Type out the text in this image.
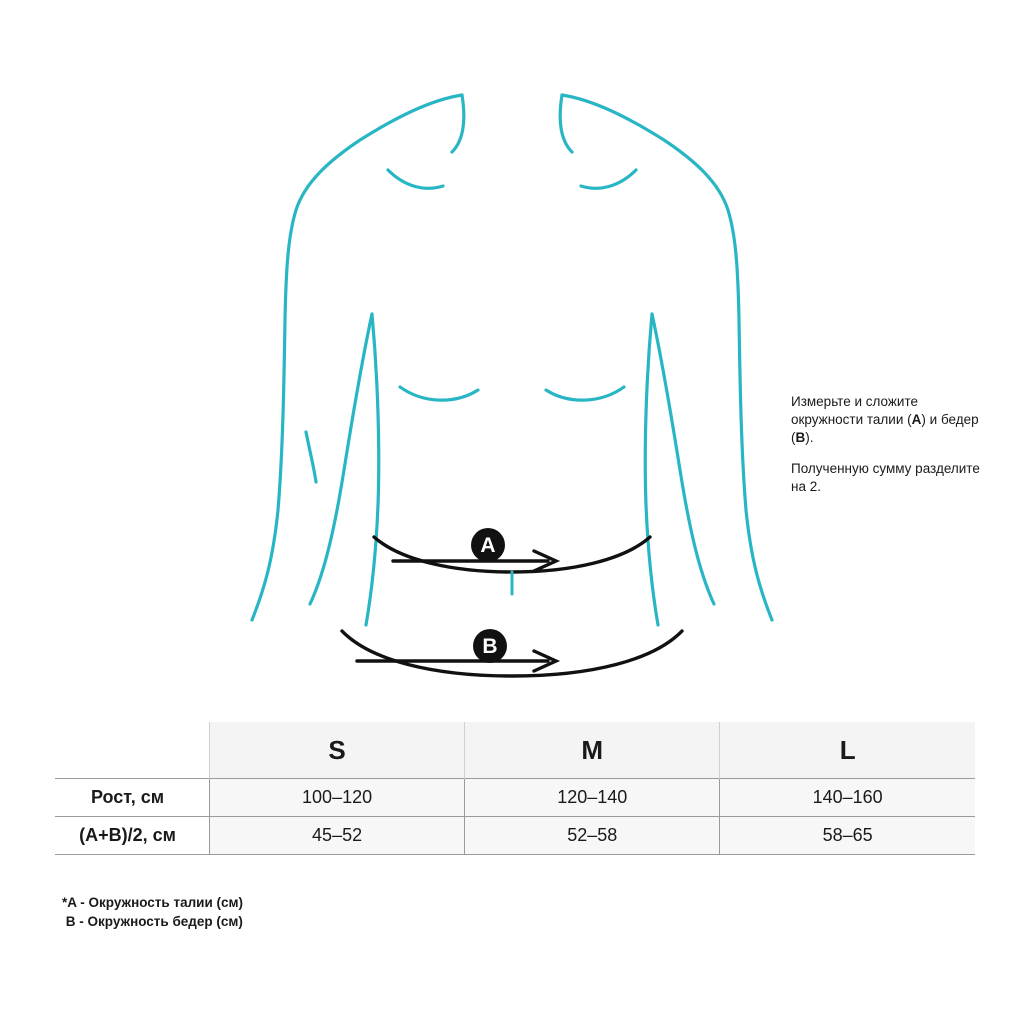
A
B

Измерьте и сложите окружности талии (A) и бедер (B).

Полученную сумму разделите на 2.

	S	M	L
Рост, см	100–120	120–140	140–160
(A+B)/2, см	45–52	52–58	58–65
*A - Окружность талии (см)
B - Окружность бедер (см)
